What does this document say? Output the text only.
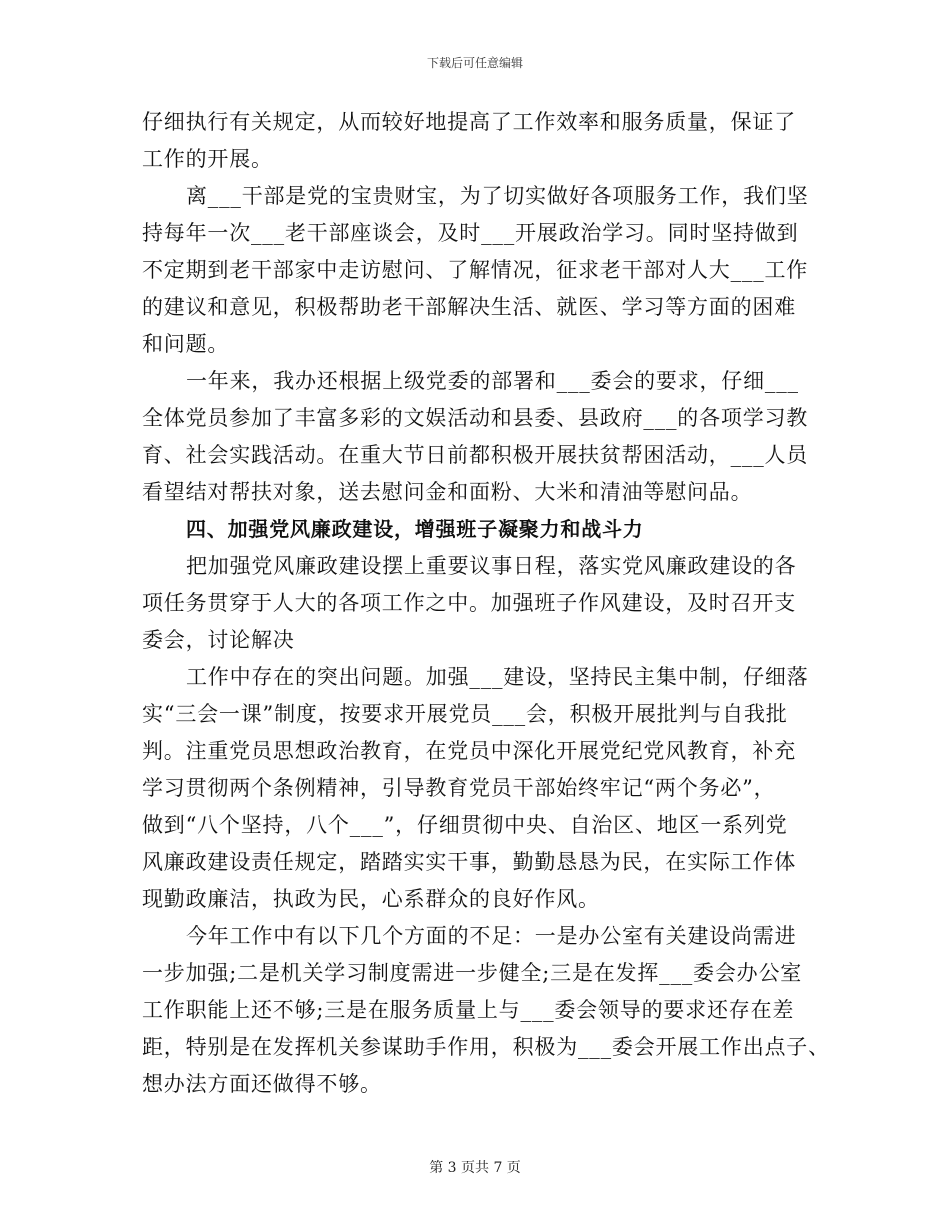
下载后可任意编辑
仔细执行有关规定，从而较好地提高了工作效率和服务质量，保证了
工作的开展。
离___干部是党的宝贵财宝，为了切实做好各项服务工作，我们坚
持每年一次___老干部座谈会，及时___开展政治学习。同时坚持做到
不定期到老干部家中走访慰问、了解情况，征求老干部对人大___工作
的建议和意见，积极帮助老干部解决生活、就医、学习等方面的困难
和问题。
一年来，我办还根据上级党委的部署和___委会的要求，仔细___
全体党员参加了丰富多彩的文娱活动和县委、县政府___的各项学习教
育、社会实践活动。在重大节日前都积极开展扶贫帮困活动，___人员
看望结对帮扶对象，送去慰问金和面粉、大米和清油等慰问品。
四、加强党风廉政建设，增强班子凝聚力和战斗力
把加强党风廉政建设摆上重要议事日程，落实党风廉政建设的各
项任务贯穿于人大的各项工作之中。加强班子作风建设，及时召开支
委会，讨论解决
工作中存在的突出问题。加强___建设，坚持民主集中制，仔细落
实“三会一课”制度，按要求开展党员___会，积极开展批判与自我批
判。注重党员思想政治教育，在党员中深化开展党纪党风教育，补充
学习贯彻两个条例精神，引导教育党员干部始终牢记“两个务必”，
做到“八个坚持，八个___”，仔细贯彻中央、自治区、地区一系列党
风廉政建设责任规定，踏踏实实干事，勤勤恳恳为民，在实际工作体
现勤政廉洁，执政为民，心系群众的良好作风。
今年工作中有以下几个方面的不足：一是办公室有关建设尚需进
一步加强;二是机关学习制度需进一步健全;三是在发挥___委会办公室
工作职能上还不够;三是在服务质量上与___委会领导的要求还存在差
距，特别是在发挥机关参谋助手作用，积极为___委会开展工作出点子、
想办法方面还做得不够。
第 3 页共 7 页
